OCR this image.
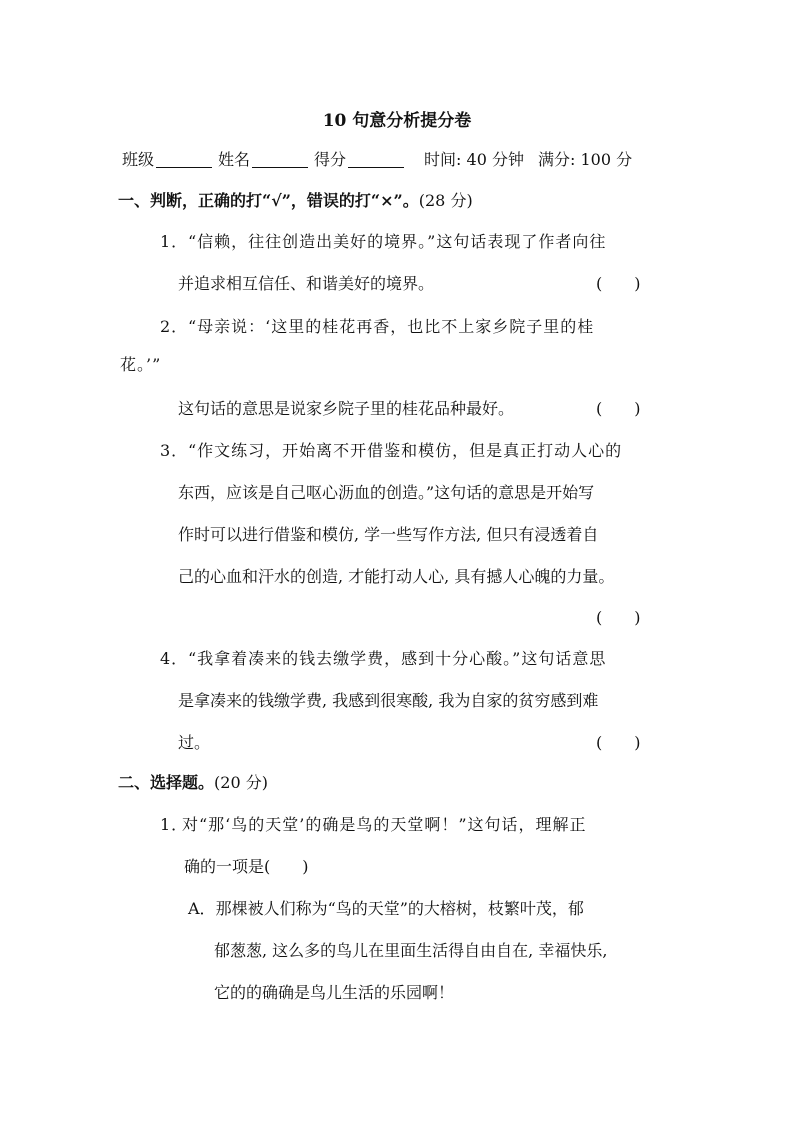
10 句意分析提分卷
班级	姓名	得分	时间: 40 分钟 满分: 100 分
一、判断，正确的打“√”，错误的打“×”。(28 分)
1．“信赖，往往创造出美好的境界。”这句话表现了作者向往
并追求相互信任、和谐美好的境界。	(　　)
2．“母亲说：‘这里的桂花再香，也比不上家乡院子里的桂
花。’”
这句话的意思是说家乡院子里的桂花品种最好。	(　　)
3．“作文练习，开始离不开借鉴和模仿，但是真正打动人心的
东西，应该是自己呕心沥血的创造。”这句话的意思是开始写
作时可以进行借鉴和模仿, 学一些写作方法, 但只有浸透着自
己的心血和汗水的创造, 才能打动人心, 具有撼人心魄的力量。
(　　)
4．“我拿着凑来的钱去缴学费，感到十分心酸。”这句话意思
是拿凑来的钱缴学费, 我感到很寒酸, 我为自家的贫穷感到难
过。	(　　)
二、选择题。(20 分)
1．对“那‘鸟的天堂’的确是鸟的天堂啊！”这句话，理解正
确的一项是(　　)
A．那棵被人们称为“鸟的天堂”的大榕树，枝繁叶茂，郁
郁葱葱, 这么多的鸟儿在里面生活得自由自在, 幸福快乐,
它的的确确是鸟儿生活的乐园啊！
